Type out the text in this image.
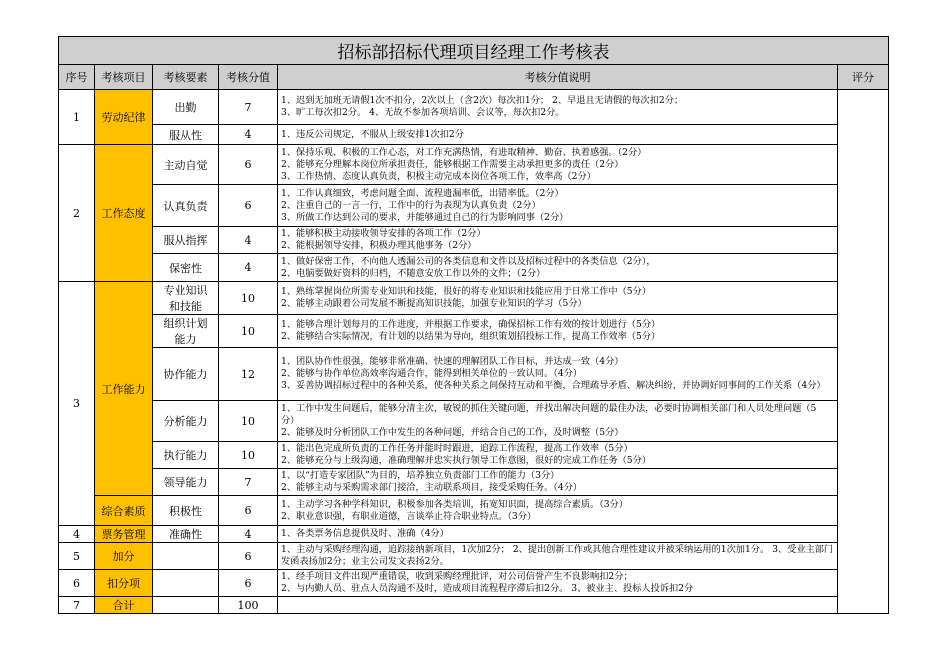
招标部招标代理项目经理工作考核表					
序号	考核项目	考核要素	考核分值	考核分值说明	评分
1	劳动纪律	出勤	7	1、迟到无加班无请假1次不扣分，2次以上（含2次）每次扣1分； 2、早退且无请假的每次扣2分；
3、旷工每次扣2分。 4、无故不参加各项培训、会议等，每次扣2分。	
		服从性	4	1、违反公司规定，不服从上级安排1次扣2分	
2	工作态度	主动自觉	6	1、保持乐观、积极的工作心态，对工作充满热情，有进取精神、勤奋、执着感强。（2分）
2、能够充分理解本岗位所承担责任，能够根据工作需要主动承担更多的责任（2分）
3、工作热情、态度认真负责，积极主动完成本岗位各项工作，效率高（2分）	
		认真负责	6	1、工作认真细致，考虑问题全面、流程遗漏率低，出错率低。（2分）
2、注重自己的一言一行，工作中的行为表现为认真负责（2分）
3、所做工作达到公司的要求，并能够通过自己的行为影响同事（2分）	
		服从指挥	4	1、能够积极主动接收领导安排的各项工作（2分）
2、能根据领导安排，积极办理其他事务（2分）	
		保密性	4	1、做好保密工作，不向他人透漏公司的各类信息和文件以及招标过程中的各类信息（2分），
2、电脑要做好资料的归档，不随意安放工作以外的文件；（2分）	
3	工作能力	专业知识
和技能	10	1、熟练掌握岗位所需专业知识和技能，很好的将专业知识和技能应用于日常工作中（5分）
2、能够主动跟着公司发展不断提高知识技能，加强专业知识的学习（5分）	
		组织计划
能力	10	1、能够合理计划每月的工作进度，并根据工作要求，确保招标工作有效的按计划进行（5分）
2、能够结合实际情况，有计划的以结果为导向，组织策划招投标工作，提高工作效率（5分）	
		协作能力	12	1、团队协作性很强，能够非常准确、快速的理解团队工作目标，并达成一致（4分）
2、能够与协作单位高效率沟通合作，能得到相关单位的一致认同。（4分）
3、妥善协调招标过程中的各种关系，使各种关系之间保持互动和平衡，合理疏导矛盾、解决纠纷，并协调好同事间的工作关系（4分）	
		分析能力	10	1、工作中发生问题后，能够分清主次，敏锐的抓住关键问题，并找出解决问题的最佳办法，必要时协调相关部门和人员处理问题（5分）
2、能够及时分析团队工作中发生的各种问题，并结合自己的工作，及时调整（5分）	
		执行能力	10	1、能出色完成所负责的工作任务并能时时跟进，追踪工作流程，提高工作效率（5分）
2、能够充分与上级沟通，准确理解并忠实执行领导工作意图，很好的完成工作任务（5分）	
		领导能力	7	1、以“打造专家团队”为目的，培养独立负责部门工作的能力（3分）
2、能够主动与采购需求部门接洽，主动联系项目，接受采购任务。（4分）	
	综合素质	积极性	6	1、主动学习各种学科知识，积极参加各类培训，拓宽知识面，提高综合素质。（3分）
2、职业意识强，有职业道德，言谈举止符合职业特点。（3分）	
4	票务管理	准确性	4	1、各类票务信息提供及时、准确（4分）	
5	加分		6	1、主动与采购经理沟通，追踪接纳新项目，1次加2分； 2、提出创新工作或其他合理性建议并被采纳运用的1次加1分。 3、受业主部门发函表扬加2分；业主公司发文表扬2分。	
6	扣分项		6	1、经手项目文件出现严重错误，收到采购经理批评，对公司信誉产生不良影响扣2分；
2、与内勤人员、驻点人员沟通不及时，造成项目流程程序滞后扣2分。 3、被业主、投标人投诉扣2分	
7	合计		100		
